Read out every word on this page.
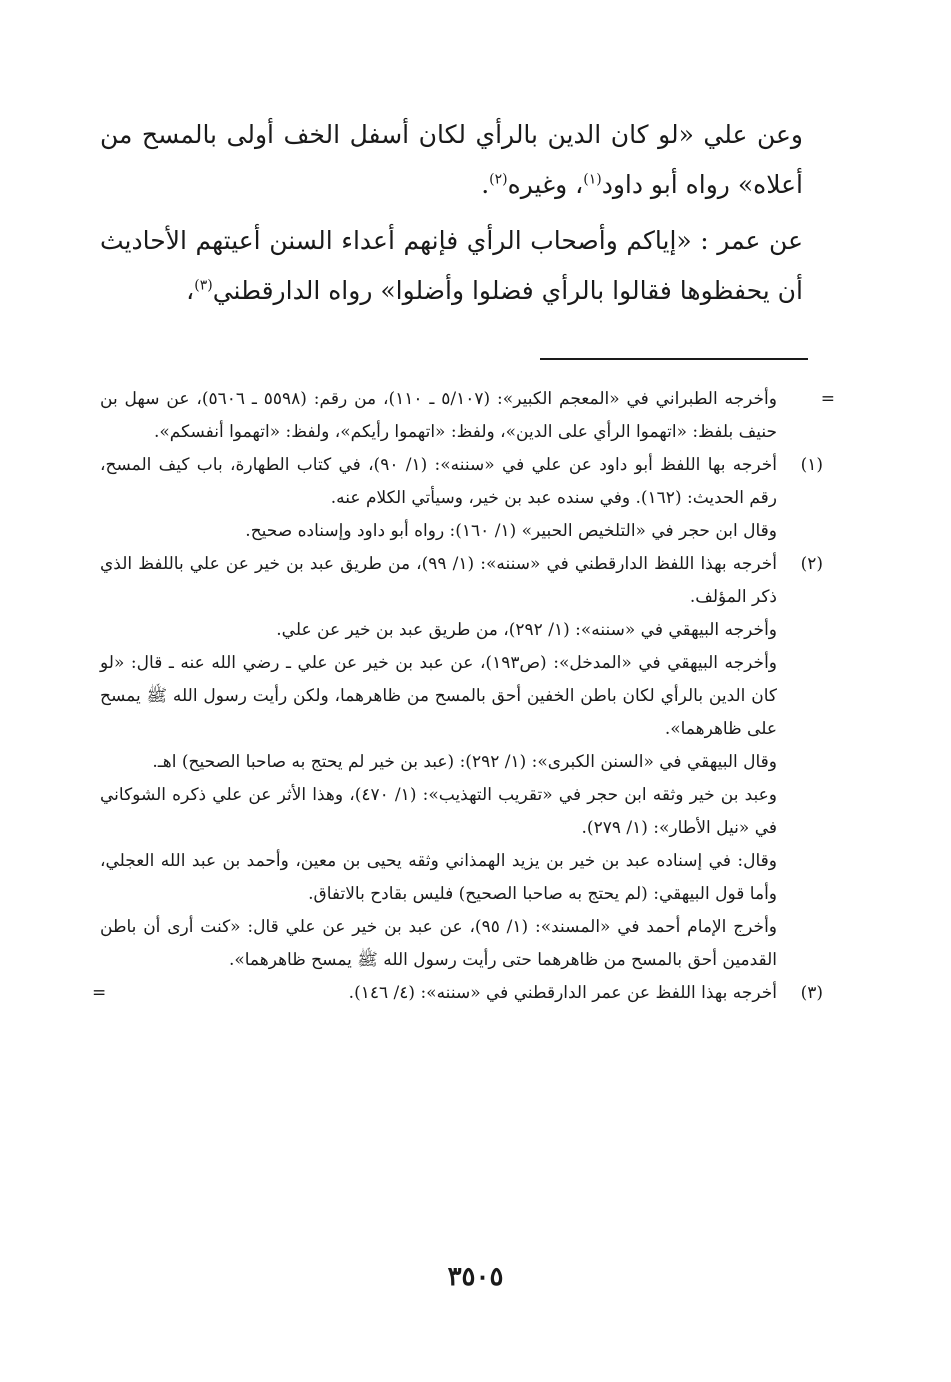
وعن علي «لو كان الدين بالرأي لكان أسفل الخف أولى بالمسح من أعلاه» رواه أبو داود$^{(١)}$، وغيره$^{(٢)}$.

عن عمر : «إياكم وأصحاب الرأي فإنهم أعداء السنن أعيتهم الأحاديث أن يحفظوها فقالوا بالرأي فضلوا وأضلوا» رواه الدارقطني$^{(٣)}$،

=

وأخرجه الطبراني في «المعجم الكبير»: (٥/١٠٧ ـ ١١٠)، من رقم: (٥٥٩٨ ـ ٥٦٠٦)، عن سهل بن حنيف بلفظ: «اتهموا الرأي على الدين»، ولفظ: «اتهموا رأيكم»، ولفظ: «اتهموا أنفسكم».

(١)

أخرجه بها اللفظ أبو داود عن علي في «سننه»: (١/ ٩٠)، في كتاب الطهارة، باب كيف المسح، رقم الحديث: (١٦٢). وفي سنده عبد بن خير، وسيأتي الكلام عنه.

وقال ابن حجر في «التلخيص الحبير» (١/ ١٦٠): رواه أبو داود وإسناده صحيح.

(٢)

أخرجه بهذا اللفظ الدارقطني في «سننه»: (١/ ٩٩)، من طريق عبد بن خير عن علي باللفظ الذي ذكر المؤلف.

وأخرجه البيهقي في «سننه»: (١/ ٢٩٢)، من طريق عبد بن خير عن علي.

وأخرجه البيهقي في «المدخل»: (ص١٩٣)، عن عبد بن خير عن علي ـ رضي الله عنه ـ قال: «لو كان الدين بالرأي لكان باطن الخفين أحق بالمسح من ظاهرهما، ولكن رأيت رسول الله ﷺ يمسح على ظاهرهما».

وقال البيهقي في «السنن الكبرى»: (١/ ٢٩٢): (عبد بن خير لم يحتج به صاحبا الصحيح) اهـ.

وعبد بن خير وثقه ابن حجر في «تقريب التهذيب»: (١/ ٤٧٠)، وهذا الأثر عن علي ذكره الشوكاني في «نيل الأطار»: (١/ ٢٧٩).

وقال: في إسناده عبد بن خير بن يزيد الهمذاني وثقه يحيى بن معين، وأحمد بن عبد الله العجلي، وأما قول البيهقي: (لم يحتج به صاحبا الصحيح) فليس بقادح بالاتفاق.

وأخرج الإمام أحمد في «المسند»: (١/ ٩٥)، عن عبد بن خير عن علي قال: «كنت أرى أن باطن القدمين أحق بالمسح من ظاهرهما حتى رأيت رسول الله ﷺ يمسح ظاهرهما».

(٣)
=	أخرجه بهذا اللفظ عن عمر الدارقطني في «سننه»: (٤/ ١٤٦).

٣٥٠٥
